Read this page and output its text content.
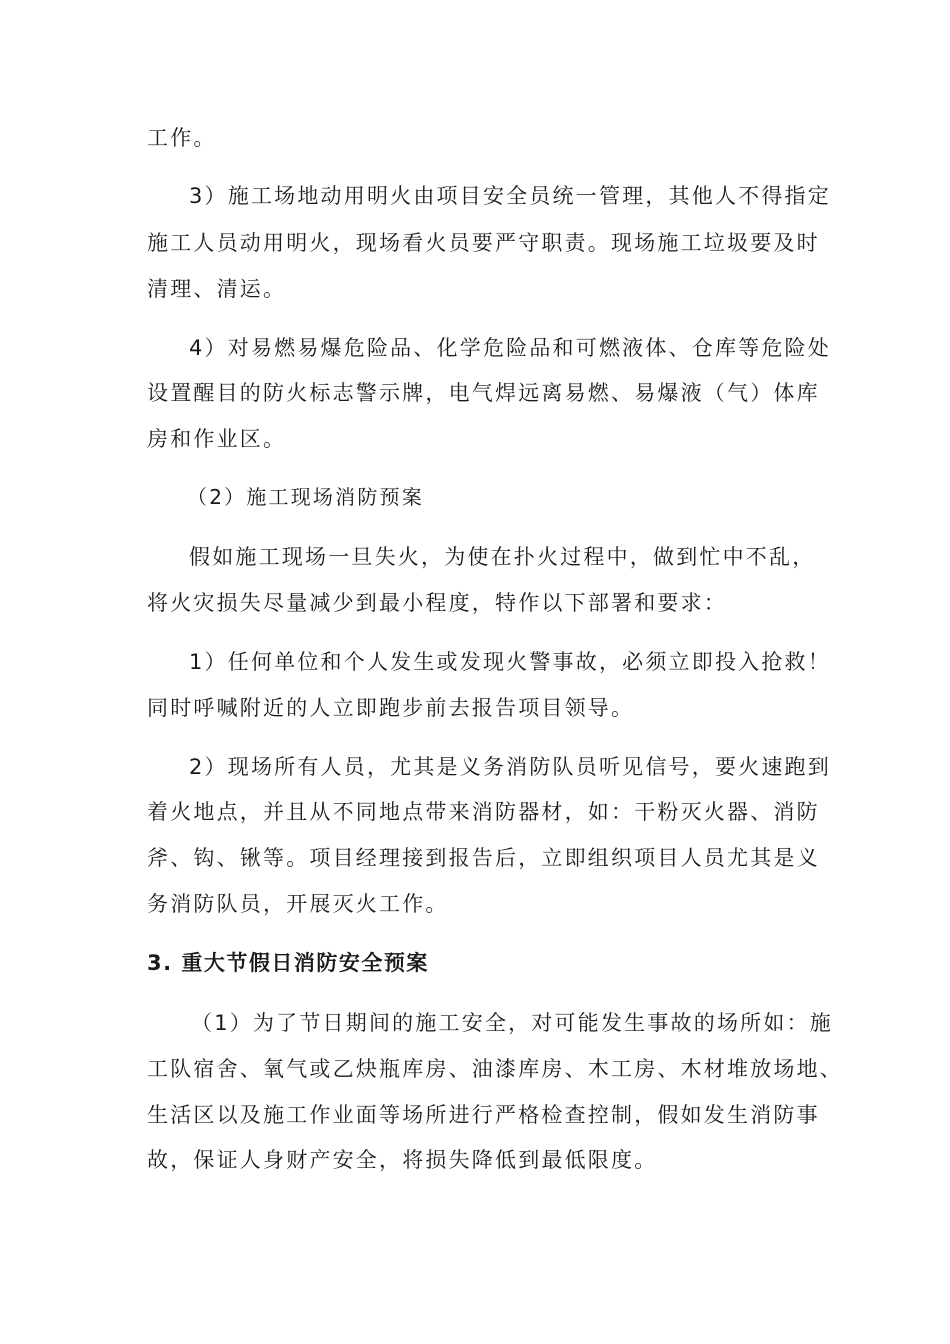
工作。
3）施工场地动用明火由项目安全员统一管理，其他人不得指定
施工人员动用明火，现场看火员要严守职责。现场施工垃圾要及时
清理、清运。
4）对易燃易爆危险品、化学危险品和可燃液体、仓库等危险处
设置醒目的防火标志警示牌，电气焊远离易燃、易爆液（气）体库
房和作业区。
（2）施工现场消防预案
假如施工现场一旦失火，为使在扑火过程中，做到忙中不乱，
将火灾损失尽量减少到最小程度，特作以下部署和要求：
1）任何单位和个人发生或发现火警事故，必须立即投入抢救！
同时呼喊附近的人立即跑步前去报告项目领导。
2）现场所有人员，尤其是义务消防队员听见信号，要火速跑到
着火地点，并且从不同地点带来消防器材，如：干粉灭火器、消防
斧、钩、锹等。项目经理接到报告后，立即组织项目人员尤其是义
务消防队员，开展灭火工作。
3. 重大节假日消防安全预案
（1）为了节日期间的施工安全，对可能发生事故的场所如：施
工队宿舍、氧气或乙炔瓶库房、油漆库房、木工房、木材堆放场地、
生活区以及施工作业面等场所进行严格检查控制，假如发生消防事
故，保证人身财产安全，将损失降低到最低限度。
